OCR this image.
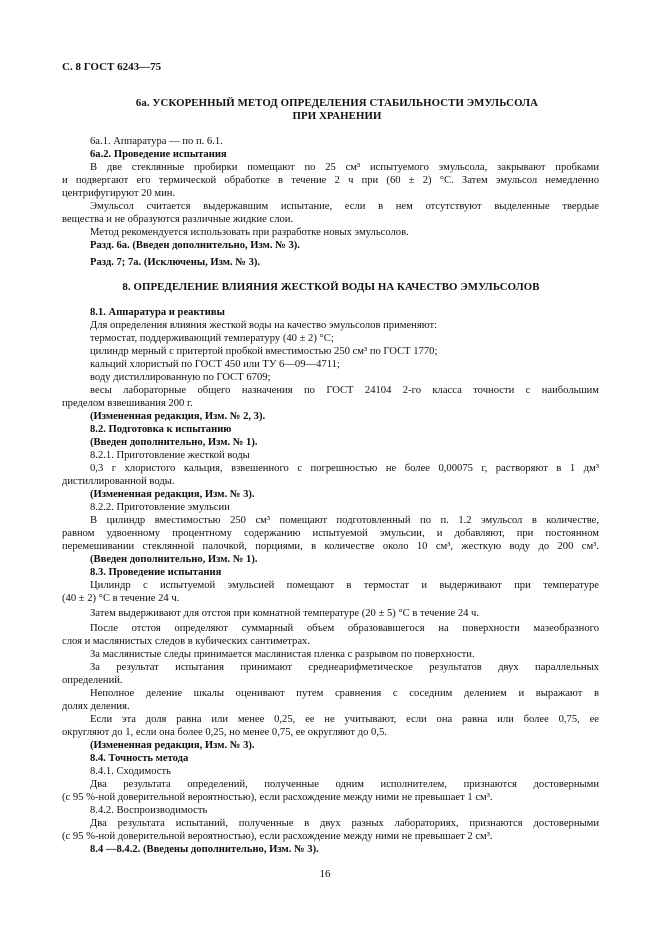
С. 8 ГОСТ 6243—75
6а. УСКОРЕННЫЙ МЕТОД ОПРЕДЕЛЕНИЯ СТАБИЛЬНОСТИ ЭМУЛЬСОЛА
ПРИ ХРАНЕНИИ
6а.1. Аппаратура — по п. 6.1.
6а.2. Проведение испытания
В две стеклянные пробирки помещают по 25 см³ испытуемого эмульсола, закрывают пробками
и подвергают его термической обработке в течение 2 ч при (60 ± 2) °С. Затем эмульсол немедленно
центрифугируют 20 мин.
Эмульсол считается выдержавшим испытание, если в нем отсутствуют выделенные твердые
вещества и не образуются различные жидкие слои.
Метод рекомендуется использовать при разработке новых эмульсолов.
Разд. 6а. (Введен дополнительно, Изм. № 3).
Разд. 7; 7а. (Исключены, Изм. № 3).
8. ОПРЕДЕЛЕНИЕ ВЛИЯНИЯ ЖЕСТКОЙ ВОДЫ НА КАЧЕСТВО ЭМУЛЬСОЛОВ
8.1. Аппаратура и реактивы
Для определения влияния жесткой воды на качество эмульсолов применяют:
термостат, поддерживающий температуру (40 ± 2) °С;
цилиндр мерный с притертой пробкой вместимостью 250 см³ по ГОСТ 1770;
кальций хлористый по ГОСТ 450 или ТУ 6—09—4711;
воду дистиллированную по ГОСТ 6709;
весы лабораторные общего назначения по ГОСТ 24104 2-го класса точности с наибольшим
пределом взвешивания 200 г.
(Измененная редакция, Изм. № 2, 3).
8.2. Подготовка к испытанию
(Введен дополнительно, Изм. № 1).
8.2.1. Приготовление жесткой воды
0,3 г хлористого кальция, взвешенного с погрешностью не более 0,00075 г, растворяют в 1 дм³
дистиллированной воды.
(Измененная редакция, Изм. № 3).
8.2.2. Приготовление эмульсии
В цилиндр вместимостью 250 см³ помещают подготовленный по п. 1.2 эмульсол в количестве,
равном удвоенному процентному содержанию испытуемой эмульсии, и добавляют, при постоянном
перемешивании стеклянной палочкой, порциями, в количестве около 10 см³, жесткую воду до 200 см³.
(Введен дополнительно, Изм. № 1).
8.3. Проведение испытания
Цилиндр с испытуемой эмульсией помещают в термостат и выдерживают при температуре
(40 ± 2) °С в течение 24 ч.
Затем выдерживают для отстоя при комнатной температуре (20 ± 5) °С в течение 24 ч.
После отстоя определяют суммарный объем образовавшегося на поверхности мазеобразного
слоя и маслянистых следов в кубических сантиметрах.
За маслянистые следы принимается маслянистая пленка с разрывом по поверхности.
За результат испытания принимают среднеарифметическое результатов двух параллельных
определений.
Неполное деление шкалы оценивают путем сравнения с соседним делением и выражают в
долях деления.
Если эта доля равна или менее 0,25, ее не учитывают, если она равна или более 0,75, ее
округляют до 1, если она более 0,25, но менее 0,75, ее округляют до 0,5.
(Измененная редакция, Изм. № 3).
8.4. Точность метода
8.4.1. Сходимость
Два результата определений, полученные одним исполнителем, признаются достоверными
(с 95 %-ной доверительной вероятностью), если расхождение между ними не превышает 1 см³.
8.4.2. Воспроизводимость
Два результата испытаний, полученные в двух разных лабораториях, признаются достоверными
(с 95 %-ной доверительной вероятностью), если расхождение между ними не превышает 2 см³.
8.4 —8.4.2. (Введены дополнительно, Изм. № 3).
16
